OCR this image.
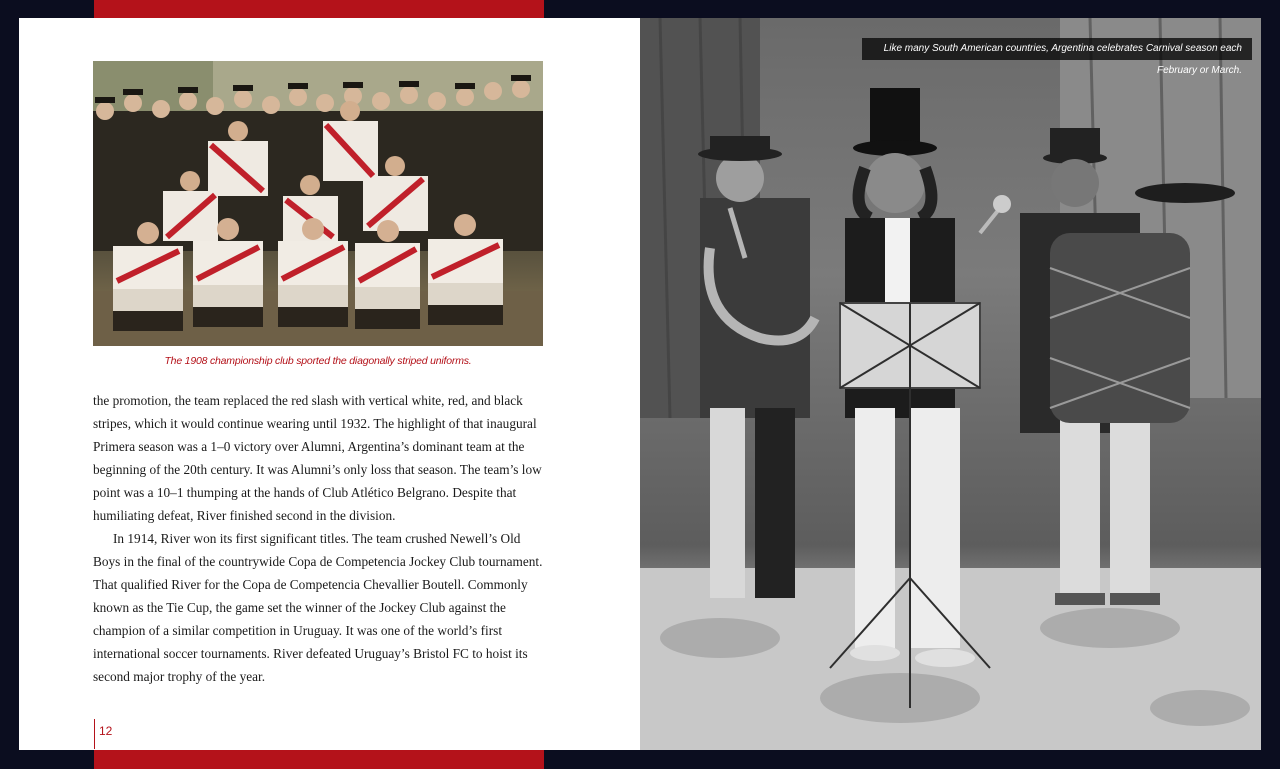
The 1908 championship club sported the diagonally striped uniforms.

the promotion, the team replaced the red slash with vertical white, red, and black stripes, which it would continue wearing until 1932. The highlight of that inaugural Primera season was a 1–0 victory over Alumni, Argentina’s dominant team at the beginning of the 20th century. It was Alumni’s only loss that season. The team’s low point was a 10–1 thumping at the hands of Club Atlético Belgrano. Despite that humiliating defeat, River finished second in the division.

In 1914, River won its first significant titles. The team crushed Newell’s Old Boys in the final of the countrywide Copa de Competencia Jockey Club tournament. That qualified River for the Copa de Competencia Chevallier Boutell. Commonly known as the Tie Cup, the game set the winner of the Jockey Club against the champion of a similar competition in Uruguay. It was one of the world’s first international soccer tournaments. River defeated Uruguay’s Bristol FC to hoist its second major trophy of the year.

12
Like many South American countries, Argentina celebrates Carnival season each February or March.
